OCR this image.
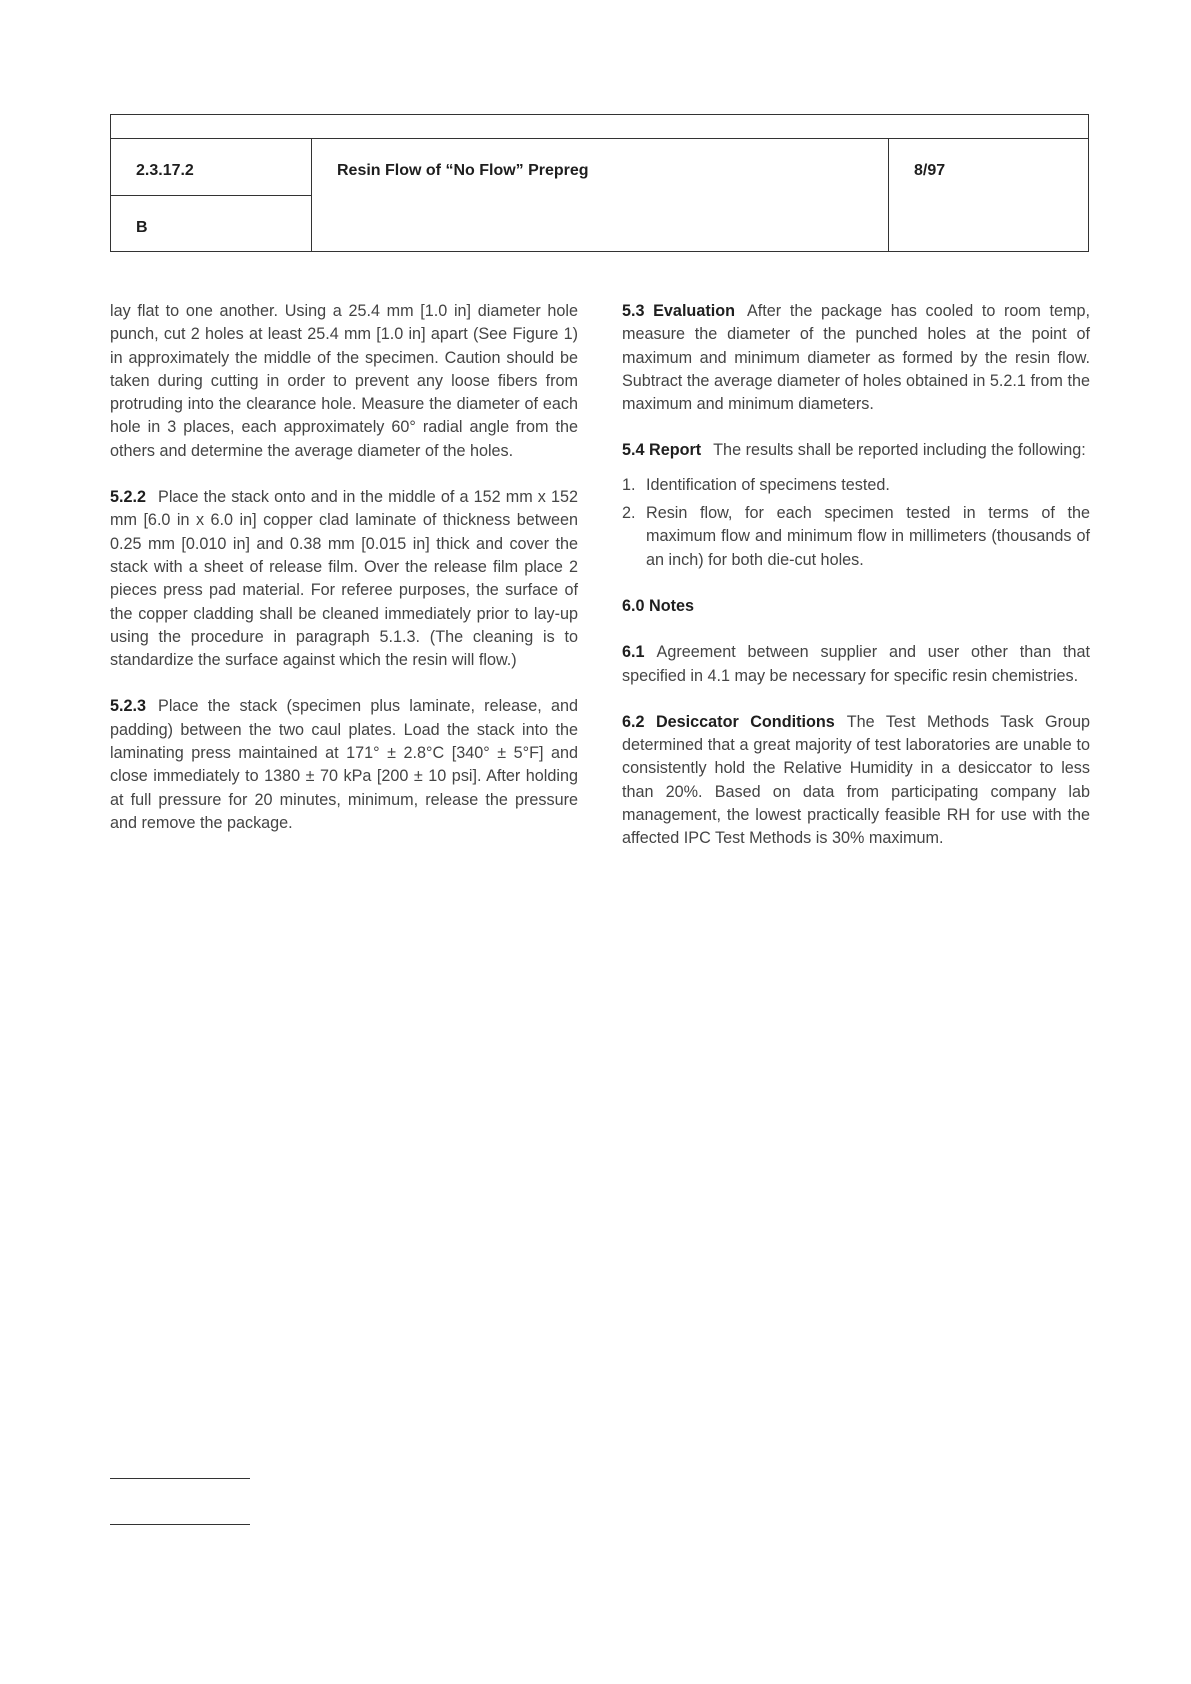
2.3.17.2	Resin Flow of “No Flow” Prepreg	8/97
B

lay flat to one another. Using a 25.4 mm [1.0 in] diameter hole punch, cut 2 holes at least 25.4 mm [1.0 in] apart (See Figure 1) in approximately the middle of the specimen. Caution should be taken during cutting in order to prevent any loose fibers from protruding into the clearance hole. Measure the diameter of each hole in 3 places, each approximately 60° radial angle from the others and determine the average diameter of the holes.

5.2.2 Place the stack onto and in the middle of a 152 mm x 152 mm [6.0 in x 6.0 in] copper clad laminate of thickness between 0.25 mm [0.010 in] and 0.38 mm [0.015 in] thick and cover the stack with a sheet of release film. Over the release film place 2 pieces press pad material. For referee purposes, the surface of the copper cladding shall be cleaned immediately prior to lay-up using the procedure in paragraph 5.1.3. (The cleaning is to standardize the surface against which the resin will flow.)

5.2.3 Place the stack (specimen plus laminate, release, and padding) between the two caul plates. Load the stack into the laminating press maintained at 171° ± 2.8°C [340° ± 5°F] and close immediately to 1380 ± 70 kPa [200 ± 10 psi]. After holding at full pressure for 20 minutes, minimum, release the pressure and remove the package.

5.3 Evaluation After the package has cooled to room temp, measure the diameter of the punched holes at the point of maximum and minimum diameter as formed by the resin flow. Subtract the average diameter of holes obtained in 5.2.1 from the maximum and minimum diameters.

5.4 Report The results shall be reported including the following:

1. Identification of specimens tested.
2. Resin flow, for each specimen tested in terms of the maximum flow and minimum flow in millimeters (thousands of an inch) for both die-cut holes.
6.0 Notes

6.1 Agreement between supplier and user other than that specified in 4.1 may be necessary for specific resin chemistries.

6.2 Desiccator Conditions The Test Methods Task Group determined that a great majority of test laboratories are unable to consistently hold the Relative Humidity in a desiccator to less than 20%. Based on data from participating company lab management, the lowest practically feasible RH for use with the affected IPC Test Methods is 30% maximum.
